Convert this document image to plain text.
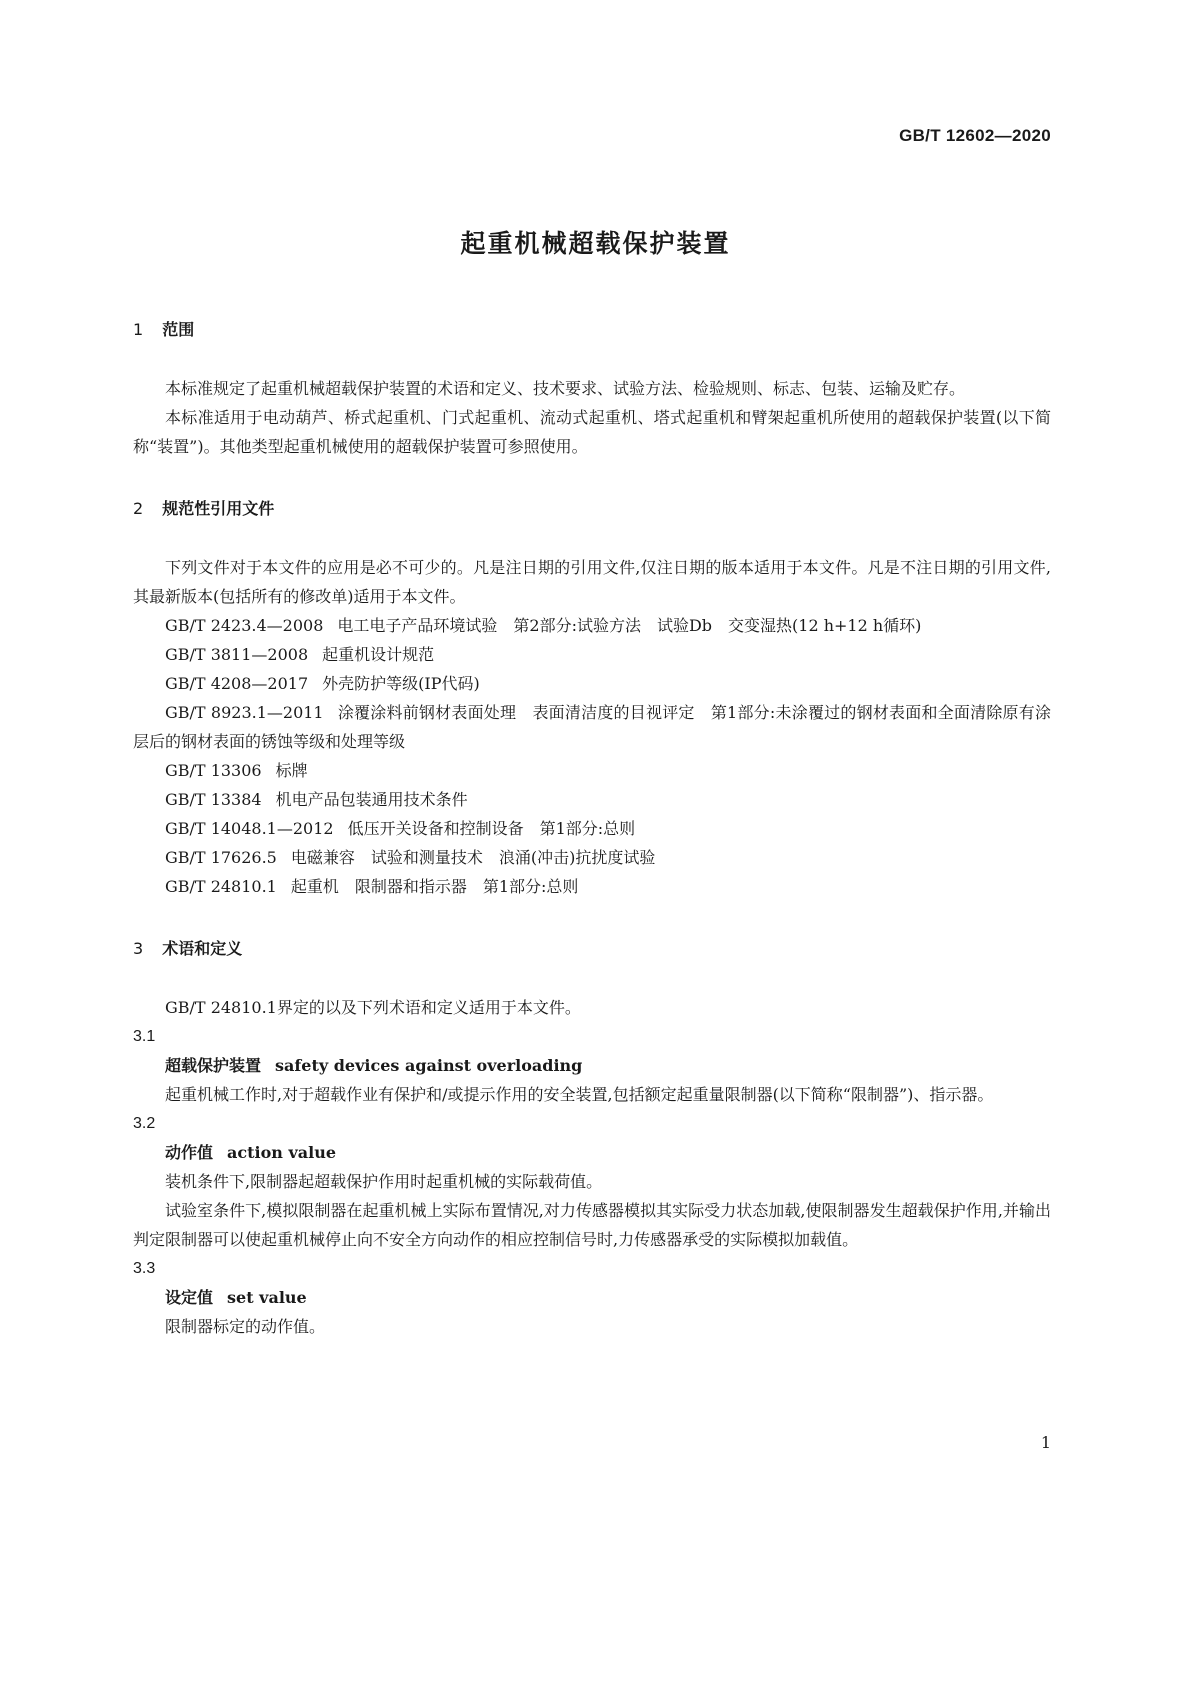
GB/T 12602—2020
起重机械超载保护装置
1 范围

本标准规定了起重机械超载保护装置的术语和定义、技术要求、试验方法、检验规则、标志、包装、运输及贮存。

本标准适用于电动葫芦、桥式起重机、门式起重机、流动式起重机、塔式起重机和臂架起重机所使用的超载保护装置(以下简称“装置”)。其他类型起重机械使用的超载保护装置可参照使用。

2 规范性引用文件

下列文件对于本文件的应用是必不可少的。凡是注日期的引用文件,仅注日期的版本适用于本文件。凡是不注日期的引用文件,其最新版本(包括所有的修改单)适用于本文件。

GB/T 2423.4—2008 电工电子产品环境试验　第2部分:试验方法　试验Db　交变湿热(12 h+12 h循环)

GB/T 3811—2008 起重机设计规范

GB/T 4208—2017 外壳防护等级(IP代码)

GB/T 8923.1—2011 涂覆涂料前钢材表面处理　表面清洁度的目视评定　第1部分:未涂覆过的钢材表面和全面清除原有涂层后的钢材表面的锈蚀等级和处理等级

GB/T 13306 标牌

GB/T 13384 机电产品包装通用技术条件

GB/T 14048.1—2012 低压开关设备和控制设备　第1部分:总则

GB/T 17626.5 电磁兼容　试验和测量技术　浪涌(冲击)抗扰度试验

GB/T 24810.1 起重机　限制器和指示器　第1部分:总则

3 术语和定义

GB/T 24810.1界定的以及下列术语和定义适用于本文件。

3.1

超载保护装置 safety devices against overloading

起重机械工作时,对于超载作业有保护和/或提示作用的安全装置,包括额定起重量限制器(以下简称“限制器”)、指示器。

3.2

动作值 action value

装机条件下,限制器起超载保护作用时起重机械的实际载荷值。

试验室条件下,模拟限制器在起重机械上实际布置情况,对力传感器模拟其实际受力状态加载,使限制器发生超载保护作用,并输出判定限制器可以使起重机械停止向不安全方向动作的相应控制信号时,力传感器承受的实际模拟加载值。

3.3

设定值 set value

限制器标定的动作值。

1
